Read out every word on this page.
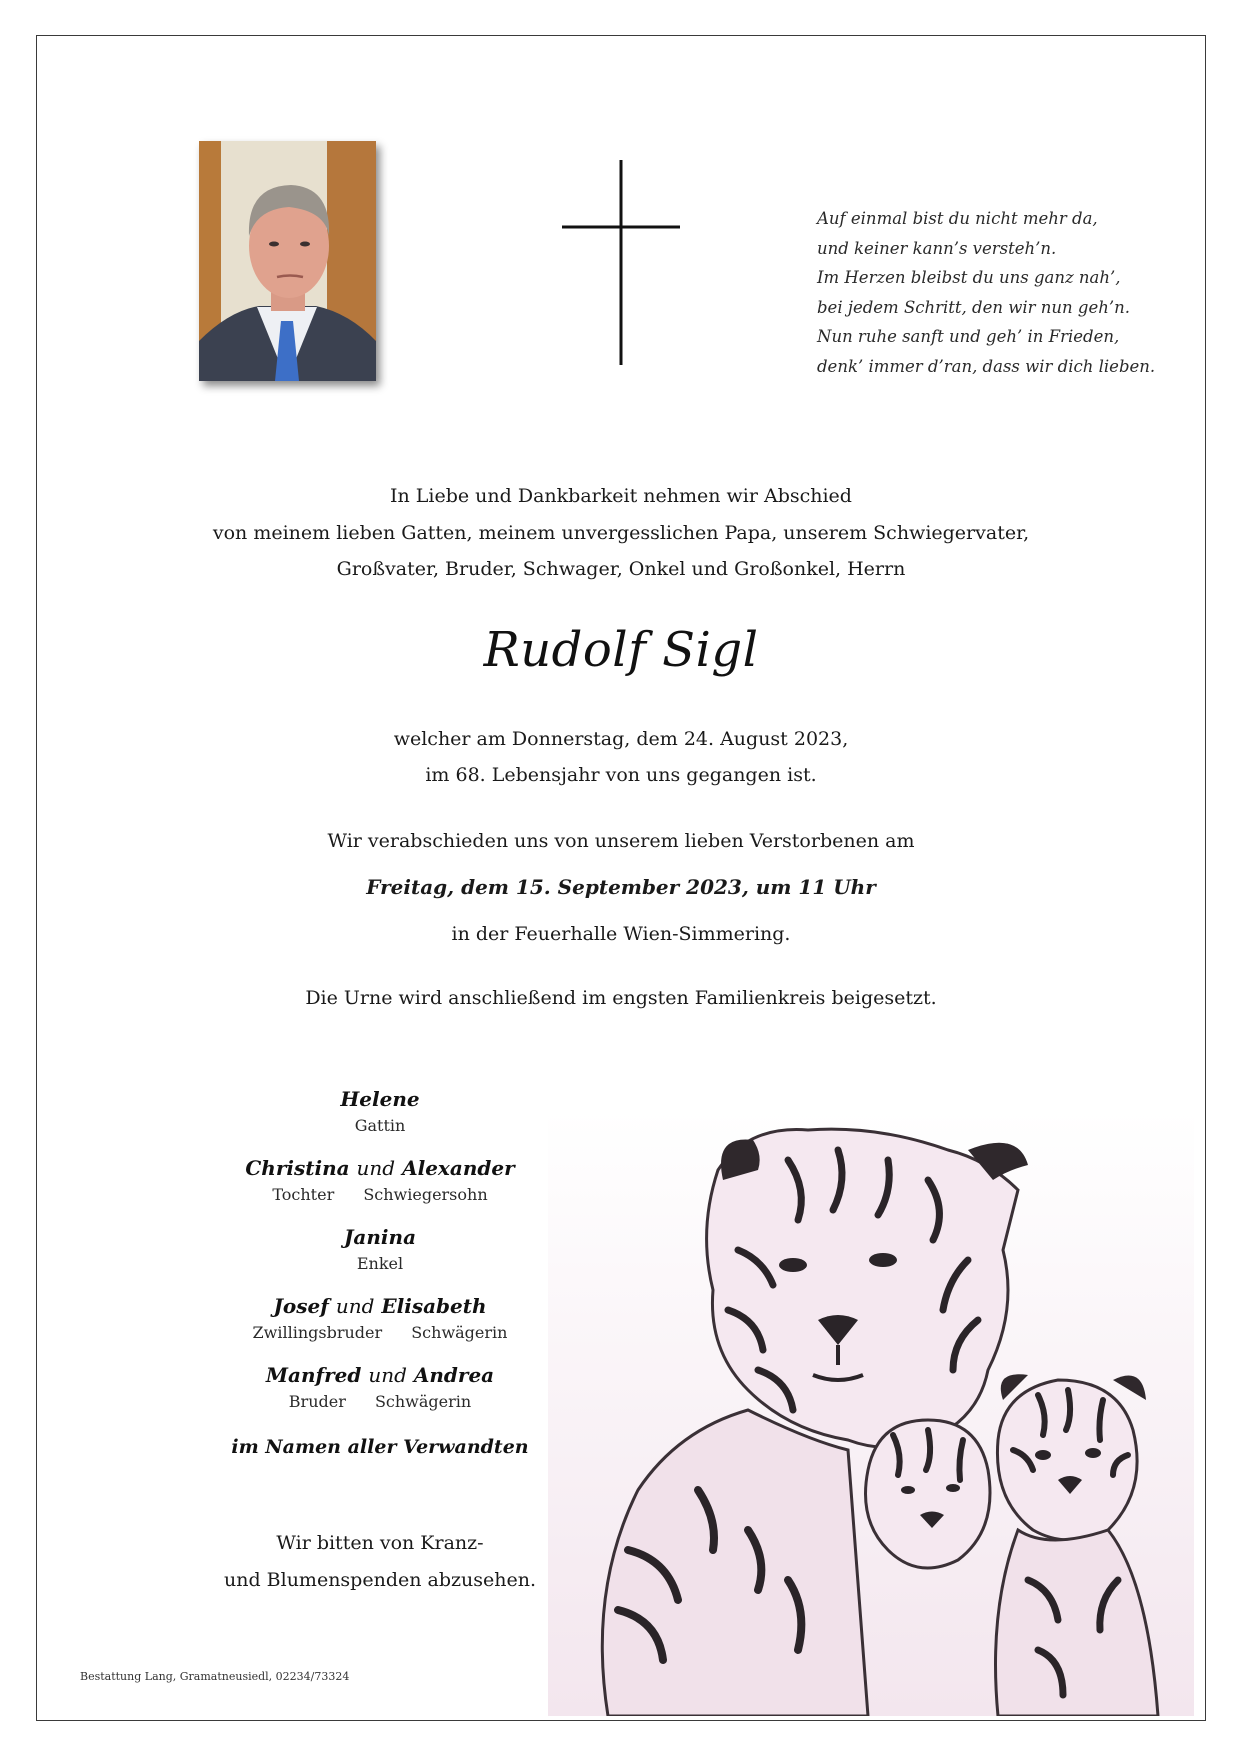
Auf einmal bist du nicht mehr da,
und keiner kann’s versteh’n.
Im Herzen bleibst du uns ganz nah’,
bei jedem Schritt, den wir nun geh’n.
Nun ruhe sanft und geh’ in Frieden,
denk’ immer d’ran, dass wir dich lieben.
In Liebe und Dankbarkeit nehmen wir Abschied
von meinem lieben Gatten, meinem unvergesslichen Papa, unserem Schwiegervater,
Großvater, Bruder, Schwager, Onkel und Großonkel, Herrn
Rudolf Sigl
welcher am Donnerstag, dem 24. August 2023,
im 68. Lebensjahr von uns gegangen ist.
Wir verabschieden uns von unserem lieben Verstorbenen am
Freitag, dem 15. September 2023, um 11 Uhr
in der Feuerhalle Wien-Simmering.
Die Urne wird anschließend im engsten Familienkreis beigesetzt.
Helene
Gattin
Christina und Alexander
Tochter Schwiegersohn
Janina
Enkel
Josef und Elisabeth
Zwillingsbruder Schwägerin
Manfred und Andrea
Bruder Schwägerin
im Namen aller Verwandten
Wir bitten von Kranz-
und Blumenspenden abzusehen.
Bestattung Lang, Gramatneusiedl, 02234/73324
